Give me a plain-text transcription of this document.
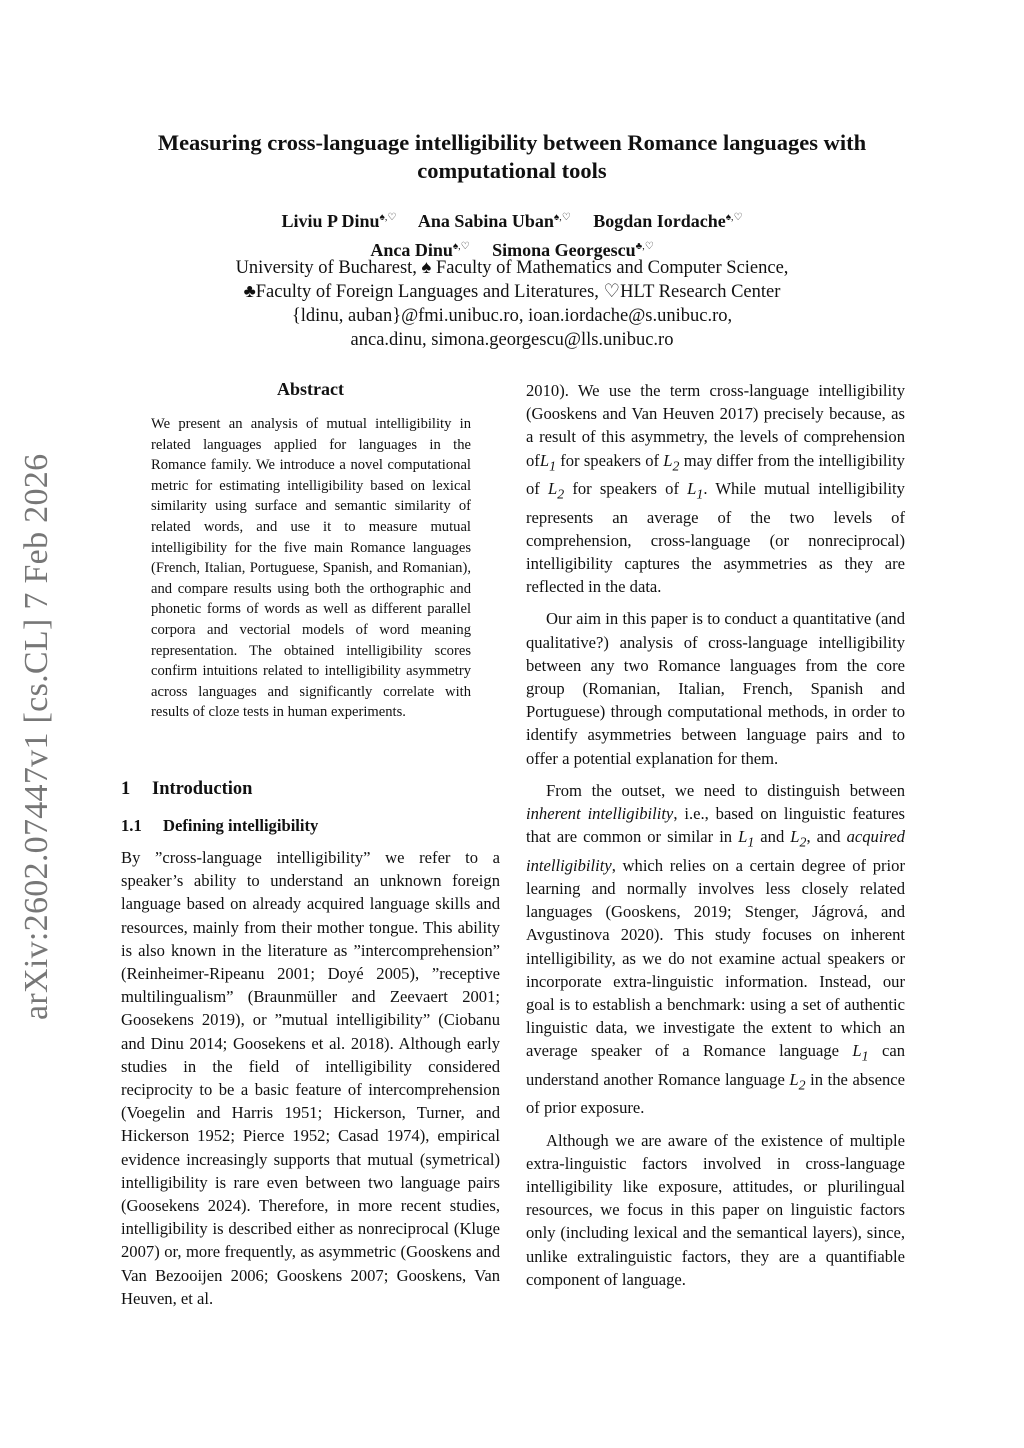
arXiv:2602.07447v1 [cs.CL] 7 Feb 2026
Measuring cross-language intelligibility between Romance languages with computational tools
Liviu P Dinu♠,♡ Ana Sabina Uban♠,♡ Bogdan Iordache♠,♡
Anca Dinu♠,♡ Simona Georgescu♣,♡
University of Bucharest, ♠ Faculty of Mathematics and Computer Science,
♣Faculty of Foreign Languages and Literatures, ♡HLT Research Center
{ldinu, auban}@fmi.unibuc.ro, ioan.iordache@s.unibuc.ro,
anca.dinu, simona.georgescu@lls.unibuc.ro
Abstract
We present an analysis of mutual intelligibility in related languages applied for languages in the Romance family. We introduce a novel computational metric for estimating intelligibility based on lexical similarity using surface and semantic similarity of related words, and use it to measure mutual intelligibility for the five main Romance languages (French, Italian, Portuguese, Spanish, and Romanian), and compare results using both the orthographic and phonetic forms of words as well as different parallel corpora and vectorial models of word meaning representation. The obtained intelligibility scores confirm intuitions related to intelligibility asymmetry across languages and significantly correlate with results of cloze tests in human experiments.
1 Introduction
1.1 Defining intelligibility
By ”cross-language intelligibility” we refer to a speaker’s ability to understand an unknown foreign language based on already acquired language skills and resources, mainly from their mother tongue. This ability is also known in the literature as ”intercomprehension” (Reinheimer-Ripeanu 2001; Doyé 2005), ”receptive multilingualism” (Braunmüller and Zeevaert 2001; Goosekens 2019), or ”mutual intelligibility” (Ciobanu and Dinu 2014; Goosekens et al. 2018). Although early studies in the field of intelligibility considered reciprocity to be a basic feature of intercomprehension (Voegelin and Harris 1951; Hickerson, Turner, and Hickerson 1952; Pierce 1952; Casad 1974), empirical evidence increasingly supports that mutual (symetrical) intelligibility is rare even between two language pairs (Goosekens 2024). Therefore, in more recent studies, intelligibility is described either as nonreciprocal (Kluge 2007) or, more frequently, as asymmetric (Gooskens and Van Bezooijen 2006; Gooskens 2007; Gooskens, Van Heuven, et al.

2010). We use the term cross-language intelligibility (Gooskens and Van Heuven 2017) precisely because, as a result of this asymmetry, the levels of comprehension ofL$_1$ for speakers of $L_2$ may differ from the intelligibility of $L_2$ for speakers of $L_1$. While mutual intelligibility represents an average of the two levels of comprehension, cross-language (or nonreciprocal) intelligibility captures the asymmetries as they are reflected in the data.

Our aim in this paper is to conduct a quantitative (and qualitative?) analysis of cross-language intelligibility between any two Romance languages from the core group (Romanian, Italian, French, Spanish and Portuguese) through computational methods, in order to identify asymmetries between language pairs and to offer a potential explanation for them.

From the outset, we need to distinguish between inherent intelligibility, i.e., based on linguistic features that are common or similar in $L_1$ and $L_2$, and acquired intelligibility, which relies on a certain degree of prior learning and normally involves less closely related languages (Gooskens, 2019; Stenger, Jágrová, and Avgustinova 2020). This study focuses on inherent intelligibility, as we do not examine actual speakers or incorporate extra-linguistic information. Instead, our goal is to establish a benchmark: using a set of authentic linguistic data, we investigate the extent to which an average speaker of a Romance language $L_1$ can understand another Romance language $L_2$ in the absence of prior exposure.

Although we are aware of the existence of multiple extra-linguistic factors involved in cross-language intelligibility like exposure, attitudes, or plurilingual resources, we focus in this paper on linguistic factors only (including lexical and the semantical layers), since, unlike extralinguistic factors, they are a quantifiable component of language.
